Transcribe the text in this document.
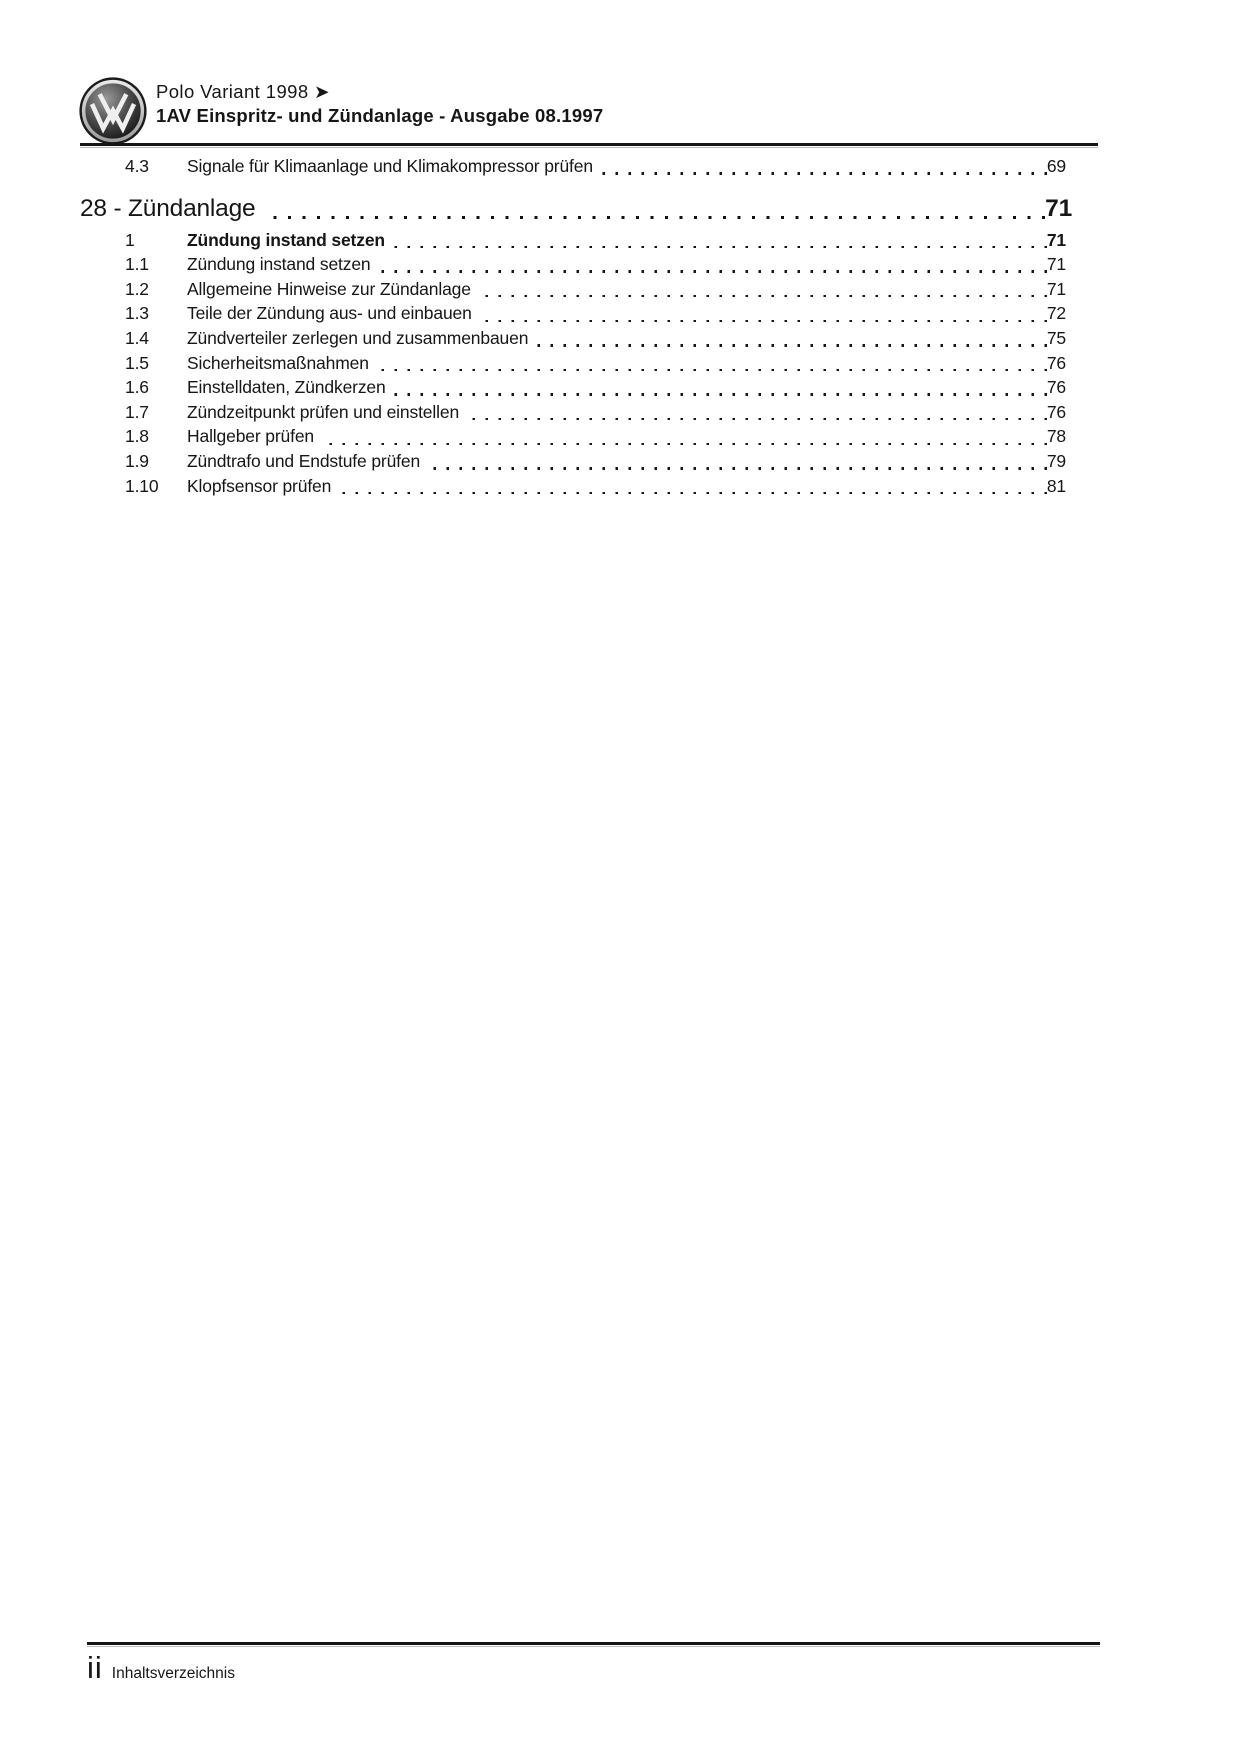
Polo Variant 1998 ➤
1AV Einspritz- und Zündanlage - Ausgabe 08.1997
4.3	Signale für Klimaanlage und Klimakompressor prüfen	69
28 - Zündanlage	71
1	Zündung instand setzen	71
1.1	Zündung instand setzen	71
1.2	Allgemeine Hinweise zur Zündanlage	71
1.3	Teile der Zündung aus- und einbauen	72
1.4	Zündverteiler zerlegen und zusammenbauen	75
1.5	Sicherheitsmaßnahmen	76
1.6	Einstelldaten, Zündkerzen	76
1.7	Zündzeitpunkt prüfen und einstellen	76
1.8	Hallgeber prüfen	78
1.9	Zündtrafo und Endstufe prüfen	79
1.10	Klopfsensor prüfen	81
ii Inhaltsverzeichnis
